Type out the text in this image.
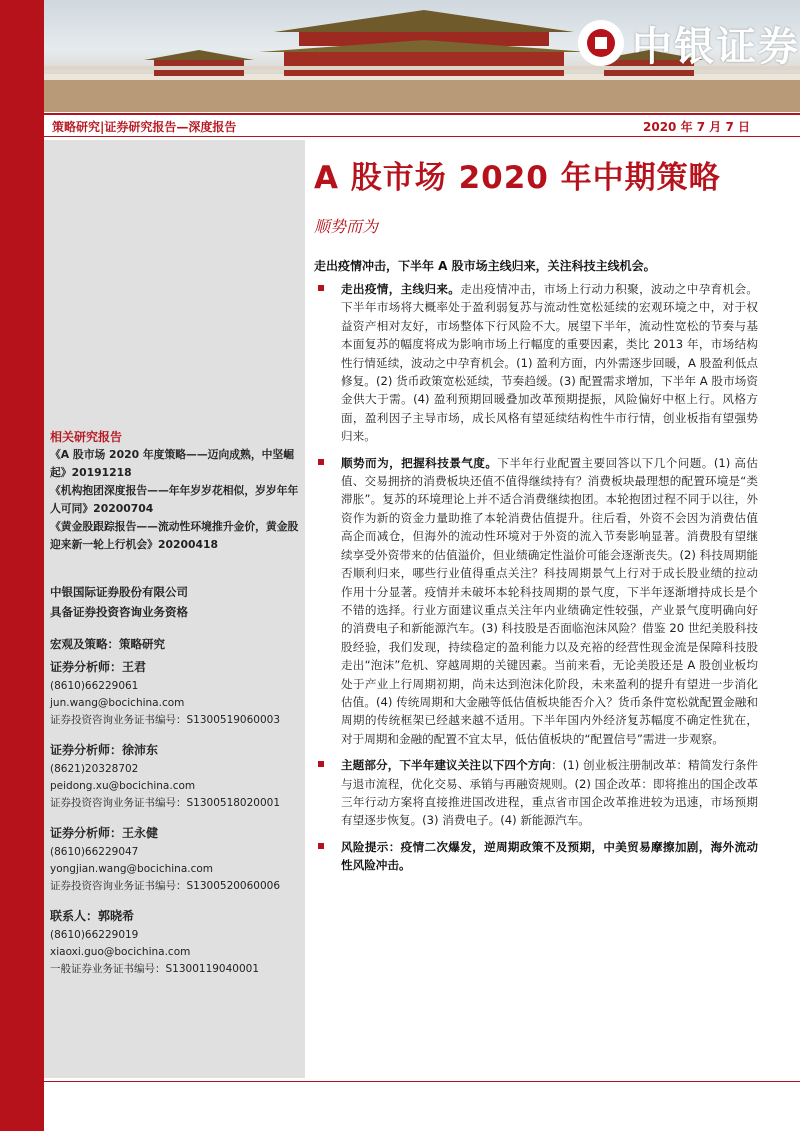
中银证券
策略研究|证券研究报告—深度报告	2020 年 7 月 7 日
A 股市场 2020 年中期策略
顺势而为
走出疫情冲击，下半年 A 股市场主线归来，关注科技主线机会。
走出疫情，主线归来。走出疫情冲击，市场上行动力积聚，波动之中孕育机会。下半年市场将大概率处于盈利弱复苏与流动性宽松延续的宏观环境之中，对于权益资产相对友好，市场整体下行风险不大。展望下半年，流动性宽松的节奏与基本面复苏的幅度将成为影响市场上行幅度的重要因素，类比 2013 年，市场结构性行情延续，波动之中孕育机会。(1) 盈利方面，内外需逐步回暖，A 股盈利低点修复。(2) 货币政策宽松延续，节奏趋缓。(3) 配置需求增加，下半年 A 股市场资金供大于需。(4) 盈利预期回暖叠加改革预期提振，风险偏好中枢上行。风格方面，盈利因子主导市场，成长风格有望延续结构性牛市行情，创业板指有望强势归来。
顺势而为，把握科技景气度。下半年行业配置主要回答以下几个问题。(1) 高估值、交易拥挤的消费板块还值不值得继续持有？消费板块最理想的配置环境是“类滞胀”。复苏的环境理论上并不适合消费继续抱团。本轮抱团过程不同于以往，外资作为新的资金力量助推了本轮消费估值提升。往后看，外资不会因为消费估值高企而减仓，但海外的流动性环境对于外资的流入节奏影响显著。消费股有望继续享受外资带来的估值溢价，但业绩确定性溢价可能会逐渐丧失。(2) 科技周期能否顺利归来，哪些行业值得重点关注？科技周期景气上行对于成长股业绩的拉动作用十分显著。疫情并未破坏本轮科技周期的景气度，下半年逐渐增持成长是个不错的选择。行业方面建议重点关注年内业绩确定性较强，产业景气度明确向好的消费电子和新能源汽车。(3) 科技股是否面临泡沫风险？借鉴 20 世纪美股科技股经验，我们发现，持续稳定的盈利能力以及充裕的经营性现金流是保障科技股走出“泡沫”危机、穿越周期的关键因素。当前来看，无论美股还是 A 股创业板均处于产业上行周期初期，尚未达到泡沫化阶段，未来盈利的提升有望进一步消化估值。(4) 传统周期和大金融等低估值板块能否介入？货币条件宽松就配置金融和周期的传统框架已经越来越不适用。下半年国内外经济复苏幅度不确定性犹在，对于周期和金融的配置不宜太早，低估值板块的“配置信号”需进一步观察。
主题部分，下半年建议关注以下四个方向：(1) 创业板注册制改革：精简发行条件与退市流程，优化交易、承销与再融资规则。(2) 国企改革：即将推出的国企改革三年行动方案将直接推进国改进程，重点省市国企改革推进较为迅速，市场预期有望逐步恢复。(3) 消费电子。(4) 新能源汽车。
风险提示：疫情二次爆发，逆周期政策不及预期，中美贸易摩擦加剧，海外流动性风险冲击。
相关研究报告
《A 股市场 2020 年度策略——迈向成熟，中坚崛起》20191218
《机构抱团深度报告——年年岁岁花相似，岁岁年年人可同》20200704
《黄金股跟踪报告——流动性环境推升金价，黄金股迎来新一轮上行机会》20200418
中银国际证券股份有限公司
具备证券投资咨询业务资格
宏观及策略：策略研究
证券分析师：王君
(8610)66229061
jun.wang@bocichina.com
证券投资咨询业务证书编号：S1300519060003
证券分析师：徐沛东
(8621)20328702
peidong.xu@bocichina.com
证券投资咨询业务证书编号：S1300518020001
证券分析师：王永健
(8610)66229047
yongjian.wang@bocichina.com
证券投资咨询业务证书编号：S1300520060006
联系人：郭晓希
(8610)66229019
xiaoxi.guo@bocichina.com
一般证券业务证书编号：S1300119040001
